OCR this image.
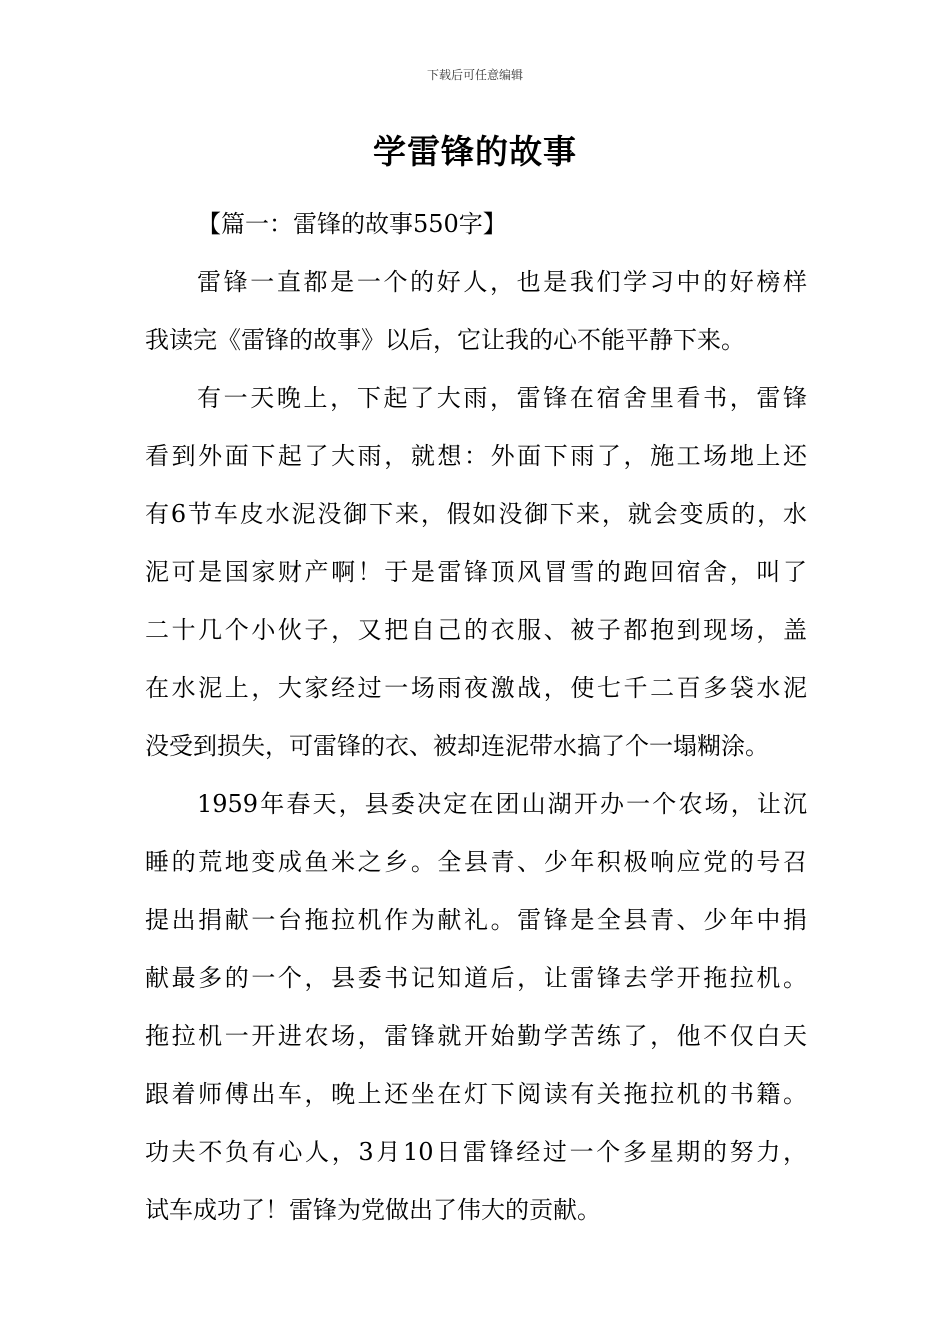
下载后可任意编辑
学雷锋的故事

【篇一：雷锋的故事550字】

雷锋一直都是一个的好人，也是我们学习中的好榜样
我读完《雷锋的故事》以后，它让我的心不能平静下来。

有一天晚上，下起了大雨，雷锋在宿舍里看书，雷锋
看到外面下起了大雨，就想：外面下雨了，施工场地上还
有6节车皮水泥没御下来，假如没御下来，就会变质的，水
泥可是国家财产啊！于是雷锋顶风冒雪的跑回宿舍，叫了
二十几个小伙子，又把自己的衣服、被子都抱到现场，盖
在水泥上，大家经过一场雨夜激战，使七千二百多袋水泥
没受到损失，可雷锋的衣、被却连泥带水搞了个一塌糊涂。

1959年春天，县委决定在团山湖开办一个农场，让沉
睡的荒地变成鱼米之乡。全县青、少年积极响应党的号召
提出捐献一台拖拉机作为献礼。雷锋是全县青、少年中捐
献最多的一个，县委书记知道后，让雷锋去学开拖拉机。
拖拉机一开进农场，雷锋就开始勤学苦练了，他不仅白天
跟着师傅出车，晚上还坐在灯下阅读有关拖拉机的书籍。
功夫不负有心人，3月10日雷锋经过一个多星期的努力，
试车成功了！雷锋为党做出了伟大的贡献。
